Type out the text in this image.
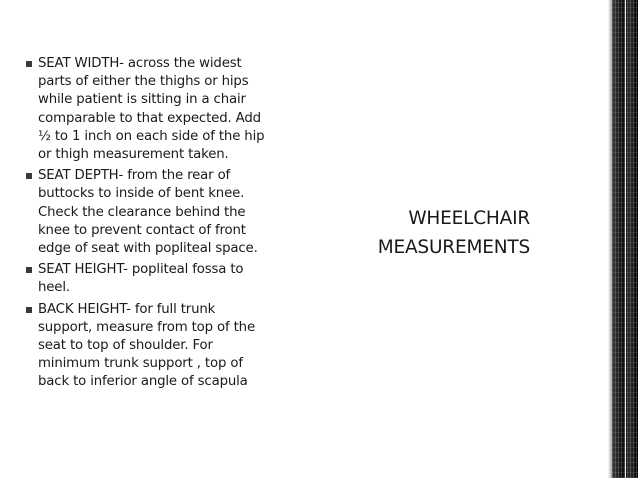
SEAT WIDTH- across the widest
parts of either the thighs or hips
while patient is sitting in a chair
comparable to that expected. Add
½ to 1 inch on each side of the hip
or thigh measurement taken.
SEAT DEPTH- from the rear of
buttocks to inside of bent knee.
Check the clearance behind the
knee to prevent contact of front
edge of seat with popliteal space.
SEAT HEIGHT- popliteal fossa to
heel.
BACK HEIGHT- for full trunk
support, measure from top of the
seat to top of shoulder. For
minimum trunk support , top of
back to inferior angle of scapula
WHEELCHAIR
MEASUREMENTS
